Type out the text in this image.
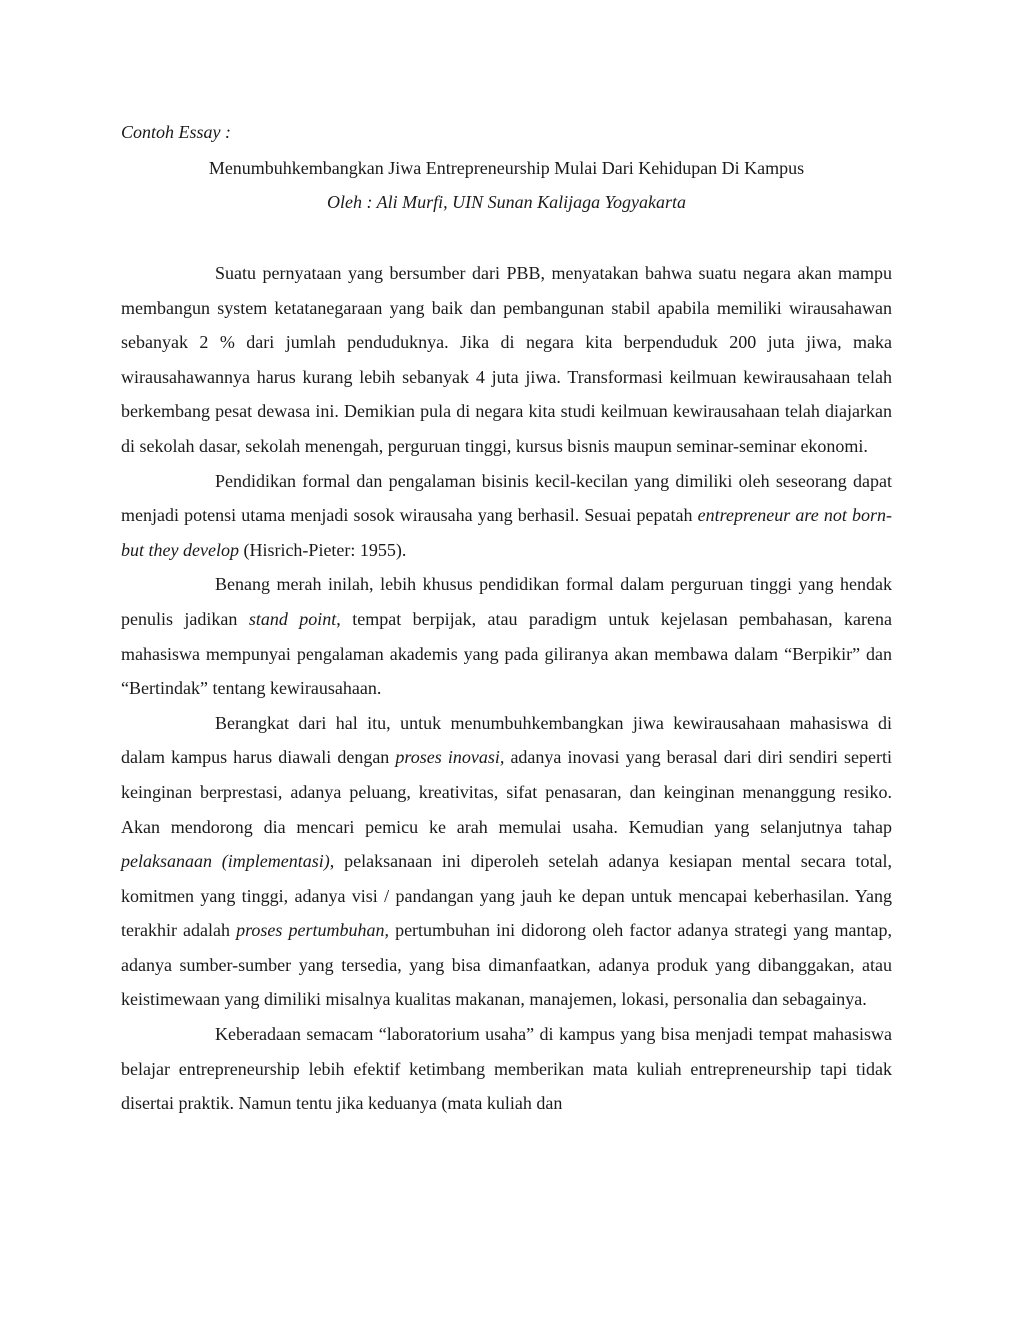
Contoh Essay :

Menumbuhkembangkan Jiwa Entrepreneurship Mulai Dari Kehidupan Di Kampus

Oleh : Ali Murfi, UIN Sunan Kalijaga Yogyakarta

Suatu pernyataan yang bersumber dari PBB, menyatakan bahwa suatu negara akan mampu membangun system ketatanegaraan yang baik dan pembangunan stabil apabila memiliki wirausahawan sebanyak 2 % dari jumlah penduduknya. Jika di negara kita berpenduduk 200 juta jiwa, maka wirausahawannya harus kurang lebih sebanyak 4 juta jiwa. Transformasi keilmuan kewirausahaan telah berkembang pesat dewasa ini. Demikian pula di negara kita studi keilmuan kewirausahaan telah diajarkan di sekolah dasar, sekolah menengah, perguruan tinggi, kursus bisnis maupun seminar-seminar ekonomi.

Pendidikan formal dan pengalaman bisinis kecil-kecilan yang dimiliki oleh seseorang dapat menjadi potensi utama menjadi sosok wirausaha yang berhasil. Sesuai pepatah entrepreneur are not born-but they develop (Hisrich-Pieter: 1955).

Benang merah inilah, lebih khusus pendidikan formal dalam perguruan tinggi yang hendak penulis jadikan stand point, tempat berpijak, atau paradigm untuk kejelasan pembahasan, karena mahasiswa mempunyai pengalaman akademis yang pada giliranya akan membawa dalam “Berpikir” dan “Bertindak” tentang kewirausahaan.

Berangkat dari hal itu, untuk menumbuhkembangkan jiwa kewirausahaan mahasiswa di dalam kampus harus diawali dengan proses inovasi, adanya inovasi yang berasal dari diri sendiri seperti keinginan berprestasi, adanya peluang, kreativitas, sifat penasaran, dan keinginan menanggung resiko. Akan mendorong dia mencari pemicu ke arah memulai usaha. Kemudian yang selanjutnya tahap pelaksanaan (implementasi), pelaksanaan ini diperoleh setelah adanya kesiapan mental secara total, komitmen yang tinggi, adanya visi / pandangan yang jauh ke depan untuk mencapai keberhasilan. Yang terakhir adalah proses pertumbuhan, pertumbuhan ini didorong oleh factor adanya strategi yang mantap, adanya sumber-sumber yang tersedia, yang bisa dimanfaatkan, adanya produk yang dibanggakan, atau keistimewaan yang dimiliki misalnya kualitas makanan, manajemen, lokasi, personalia dan sebagainya.

Keberadaan semacam “laboratorium usaha” di kampus yang bisa menjadi tempat mahasiswa belajar entrepreneurship lebih efektif ketimbang memberikan mata kuliah entrepreneurship tapi tidak disertai praktik. Namun tentu jika keduanya (mata kuliah dan
